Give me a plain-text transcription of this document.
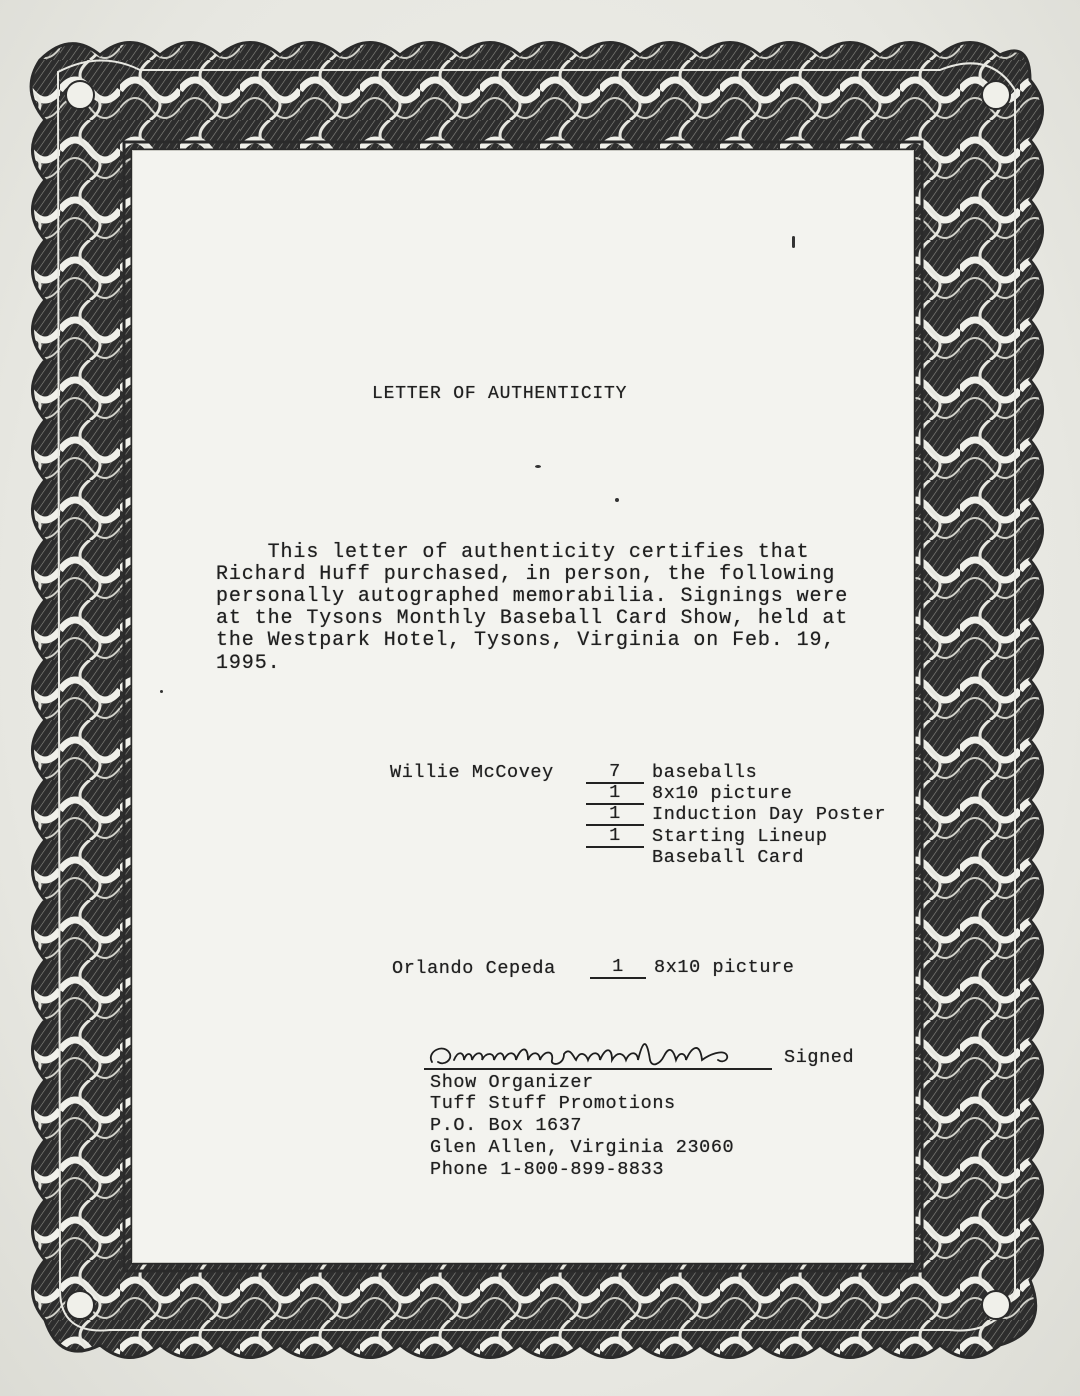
LETTER OF AUTHENTICITY
This letter of authenticity certifies that
Richard Huff purchased, in person, the following
personally autographed memorabilia. Signings were
at the Tysons Monthly Baseball Card Show, held at
the Westpark Hotel, Tysons, Virginia on Feb. 19,
1995.
Willie McCovey	7	baseballs
1	8x10 picture
1	Induction Day Poster
1	Starting Lineup
Baseball Card
Orlando Cepeda	1	8x10 picture
Signed
Show Organizer
Tuff Stuff Promotions
P.O. Box 1637
Glen Allen, Virginia 23060
Phone 1-800-899-8833
